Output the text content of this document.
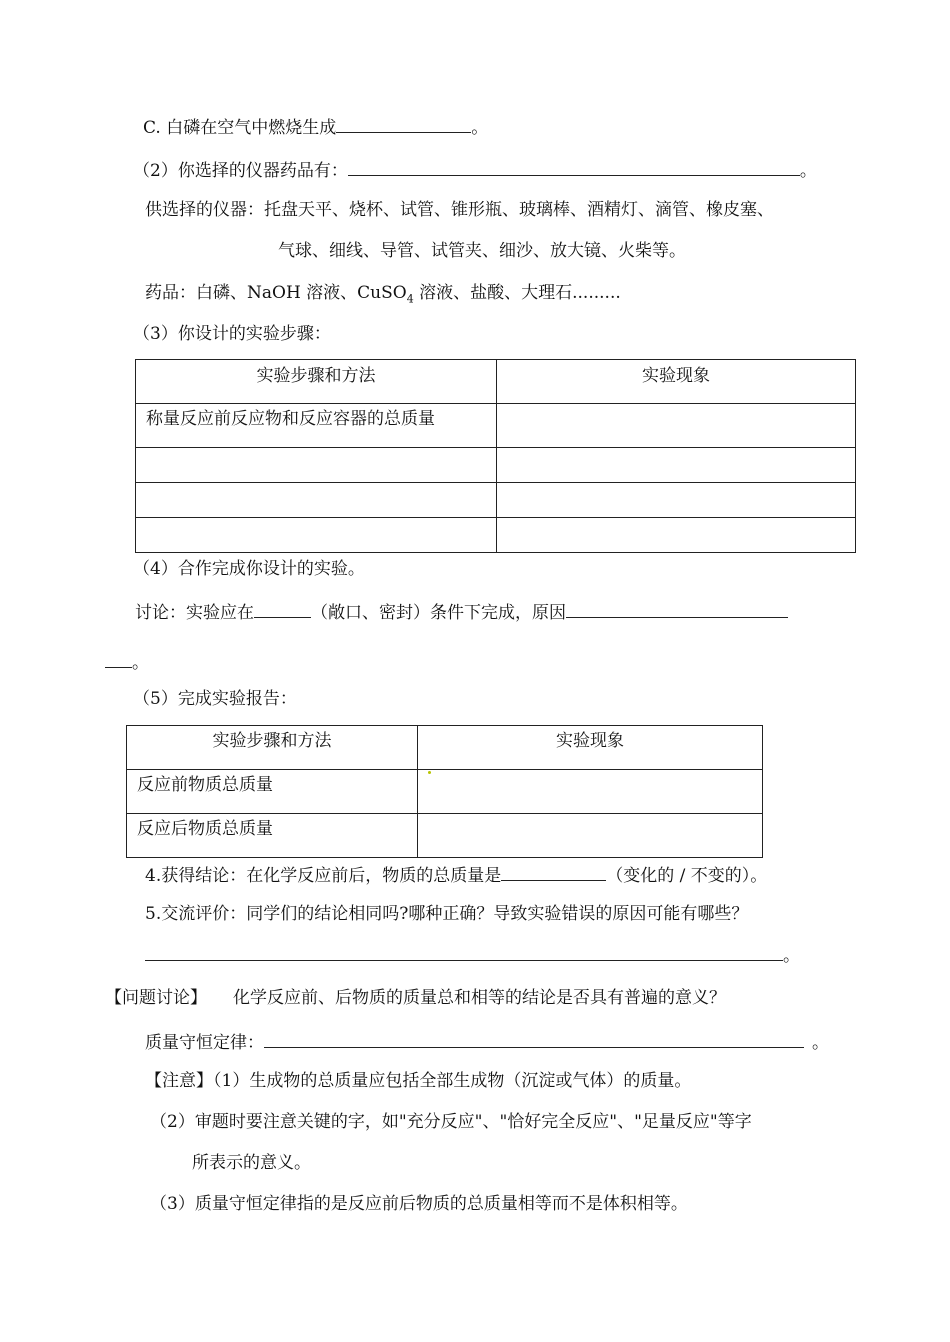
C. 白磷在空气中燃烧生成	。
（2）你选择的仪器药品有：	。
供选择的仪器：托盘天平、烧杯、试管、锥形瓶、玻璃棒、酒精灯、滴管、橡皮塞、
气球、细线、导管、试管夹、细沙、放大镜、火柴等。
药品：白磷、NaOH 溶液、CuSO$_4$ 溶液、盐酸、大理石.........
（3）你设计的实验步骤：
实验步骤和方法	实验现象
称量反应前反应物和反应容器的总质量	

（4）合作完成你设计的实验。
讨论：实验应在	（敞口、密封）条件下完成，原因
。
（5）完成实验报告：
实验步骤和方法	实验现象
反应前物质总质量	
反应后物质总质量	
4.获得结论：在化学反应前后，物质的总质量是	（变化的 / 不变的）。
5.交流评价：同学们的结论相同吗?哪种正确？导致实验错误的原因可能有哪些？
。
【问题讨论】 化学反应前、后物质的质量总和相等的结论是否具有普遍的意义？
质量守恒定律：	。
【注意】（1）生成物的总质量应包括全部生成物（沉淀或气体）的质量。
（2）审题时要注意关键的字，如"充分反应"、"恰好完全反应"、"足量反应"等字
所表示的意义。
（3）质量守恒定律指的是反应前后物质的总质量相等而不是体积相等。
